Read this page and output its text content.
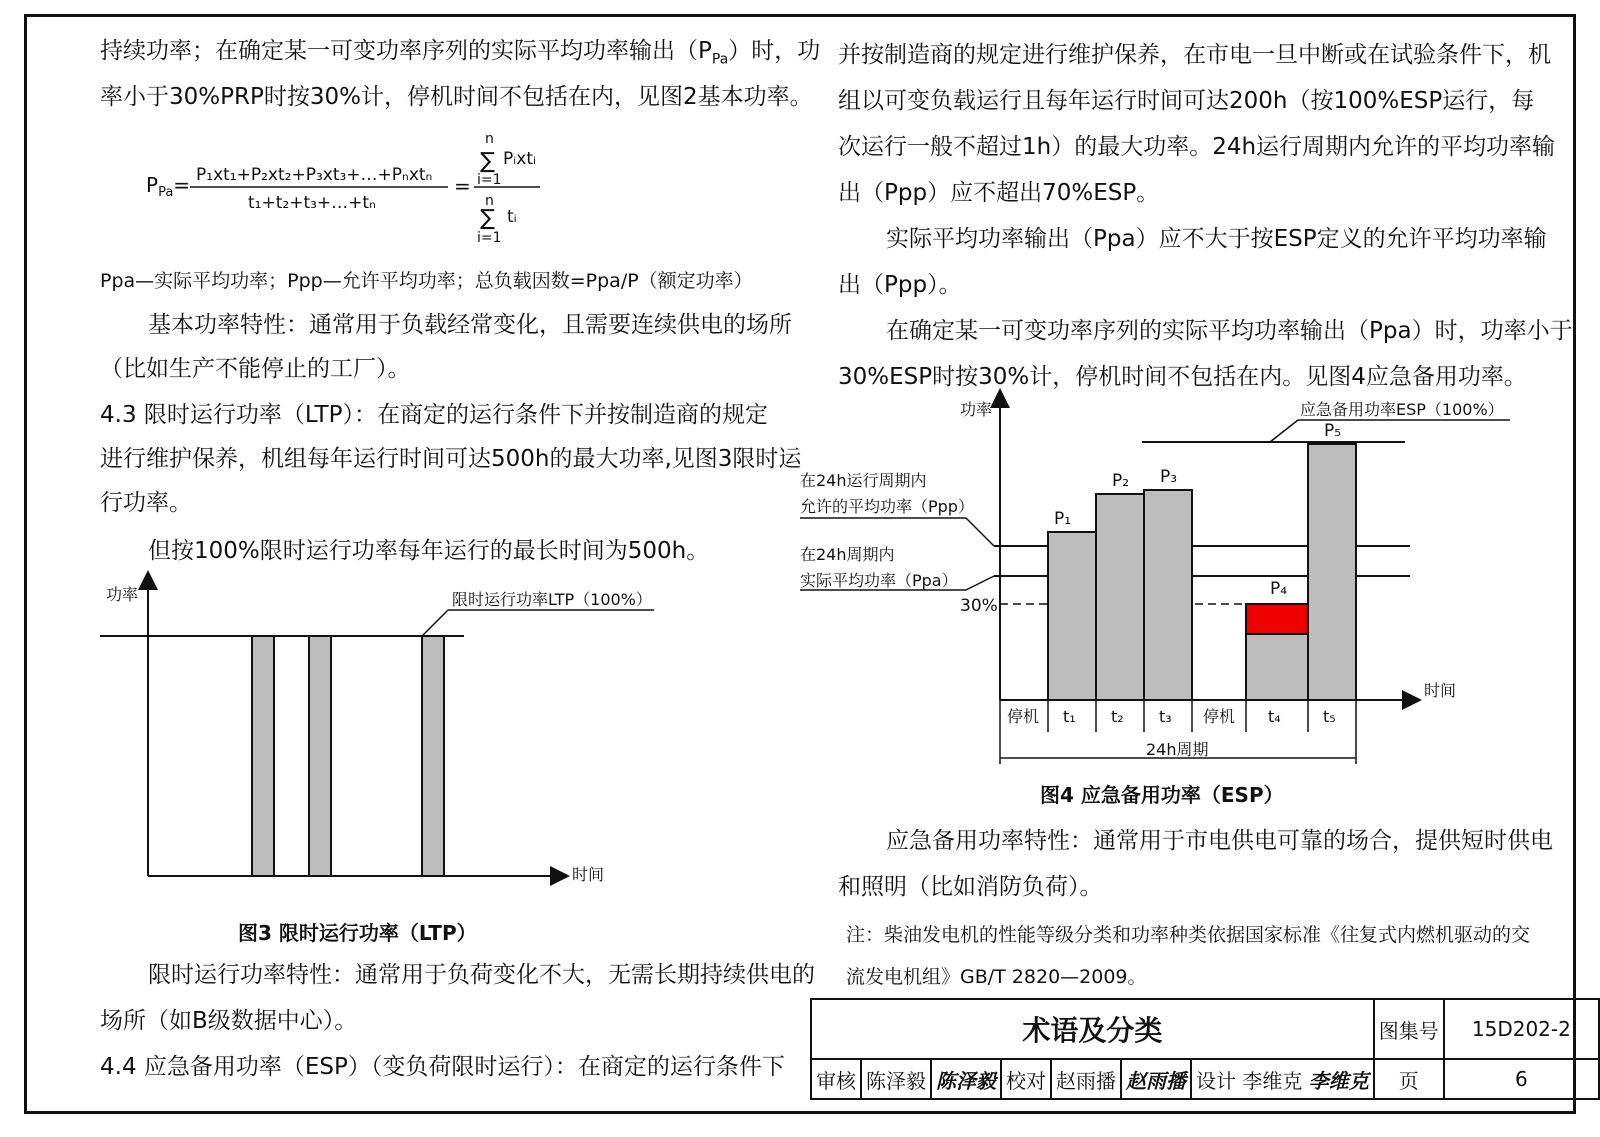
持续功率；在确定某一可变功率序列的实际平均功率输出$(P_{Pa})$时，功
率小于30%PRP时按30%计，停机时间不包括在内，见图2基本功率。
$P_{Pa}=$ P₁xt₁+P₂xt₂+P₃xt₃+…+Pₙxtₙ
t₁+t₂+t₃+…+tₙ
=
n
∑ Pᵢxtᵢ
i=1
n
∑ tᵢ
i=1
Ppa—实际平均功率；Ppp—允许平均功率；总负载因数=Ppa/P（额定功率）
基本功率特性：通常用于负载经常变化，且需要连续供电的场所
（比如生产不能停止的工厂）。
4.3 限时运行功率（LTP）：在商定的运行条件下并按制造商的规定
进行维护保养，机组每年运行时间可达500h的最大功率,见图3限时运
行功率。
但按100%限时运行功率每年运行的最长时间为500h。
功率
时间
限时运行功率LTP（100%）
图3 限时运行功率（LTP）
限时运行功率特性：通常用于负荷变化不大，无需长期持续供电的
场所（如B级数据中心）。
4.4 应急备用功率（ESP）（变负荷限时运行）：在商定的运行条件下
并按制造商的规定进行维护保养，在市电一旦中断或在试验条件下，机
组以可变负载运行且每年运行时间可达200h（按100%ESP运行，每
次运行一般不超过1h）的最大功率。24h运行周期内允许的平均功率输
出（Ppp）应不超出70%ESP。
实际平均功率输出（Ppa）应不大于按ESP定义的允许平均功率输
出（Ppp）。
在确定某一可变功率序列的实际平均功率输出（Ppa）时，功率小于
30%ESP时按30%计，停机时间不包括在内。见图4应急备用功率。
功率
时间
应急备用功率ESP（100%）
在24h运行周期内
允许的平均功率（Ppp）
在24h周期内
实际平均功率（Ppa）
30%
P₁
P₂ P₃
P₄
P₅
停机 t₁ t₂ t₃ 停机 t₄	t₅
24h周期
图4 应急备用功率（ESP）
应急备用功率特性：通常用于市电供电可靠的场合，提供短时供电
和照明（比如消防负荷）。
注：柴油发电机的性能等级分类和功率种类依据国家标准《往复式内燃机驱动的交
流发电机组》GB/T 2820—2009。
术语及分类							图集号	15D202-2
审核	陈泽毅	陈泽毅	校对	赵雨播	赵雨播	设计 李维克 李维克	页	6
